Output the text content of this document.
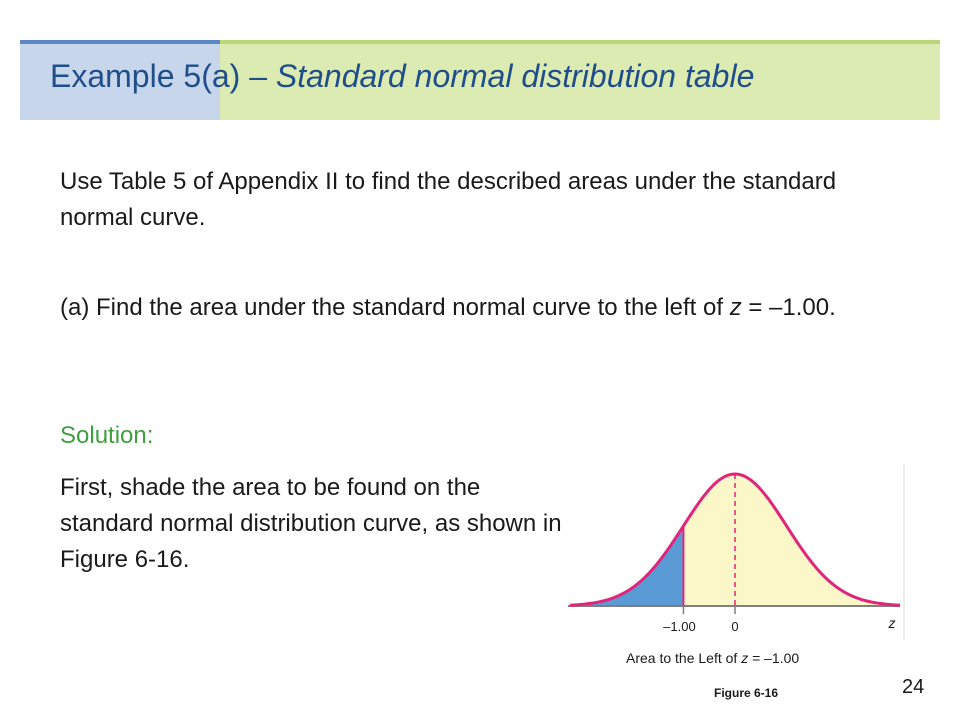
Example 5(a) – Standard normal distribution table

Use Table 5 of Appendix II to find the described areas under the standard normal curve.

(a) Find the area under the standard normal curve to the left of z = –1.00.

Solution:

First, shade the area to be found on the standard normal distribution curve, as shown in Figure 6-16.

–1.00	0	z
Area to the Left of z = –1.00
Figure 6-16	24
